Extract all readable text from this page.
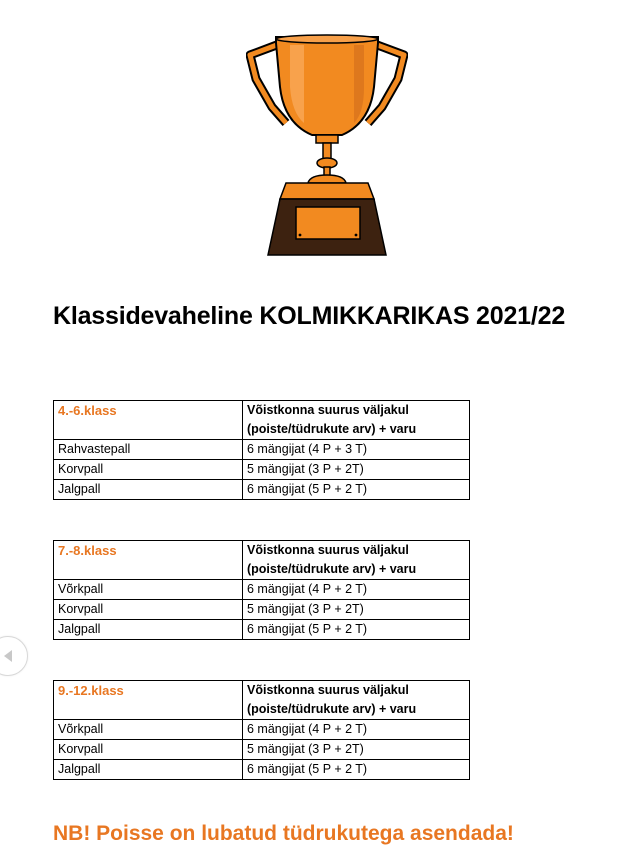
Klassidevaheline KOLMIKKARIKAS 2021/22
4.-6.klass	Võistkonna suurus väljakul (poiste/tüdrukute arv) + varu
Rahvastepall	6 mängijat (4 P + 3 T)
Korvpall	5 mängijat (3 P + 2T)
Jalgpall	6 mängijat (5 P + 2 T)
7.-8.klass	Võistkonna suurus väljakul (poiste/tüdrukute arv) + varu
Võrkpall	6 mängijat (4 P + 2 T)
Korvpall	5 mängijat (3 P + 2T)
Jalgpall	6 mängijat (5 P + 2 T)
9.-12.klass	Võistkonna suurus väljakul (poiste/tüdrukute arv) + varu
Võrkpall	6 mängijat (4 P + 2 T)
Korvpall	5 mängijat (3 P + 2T)
Jalgpall	6 mängijat (5 P + 2 T)
NB! Poisse on lubatud tüdrukutega asendada!
